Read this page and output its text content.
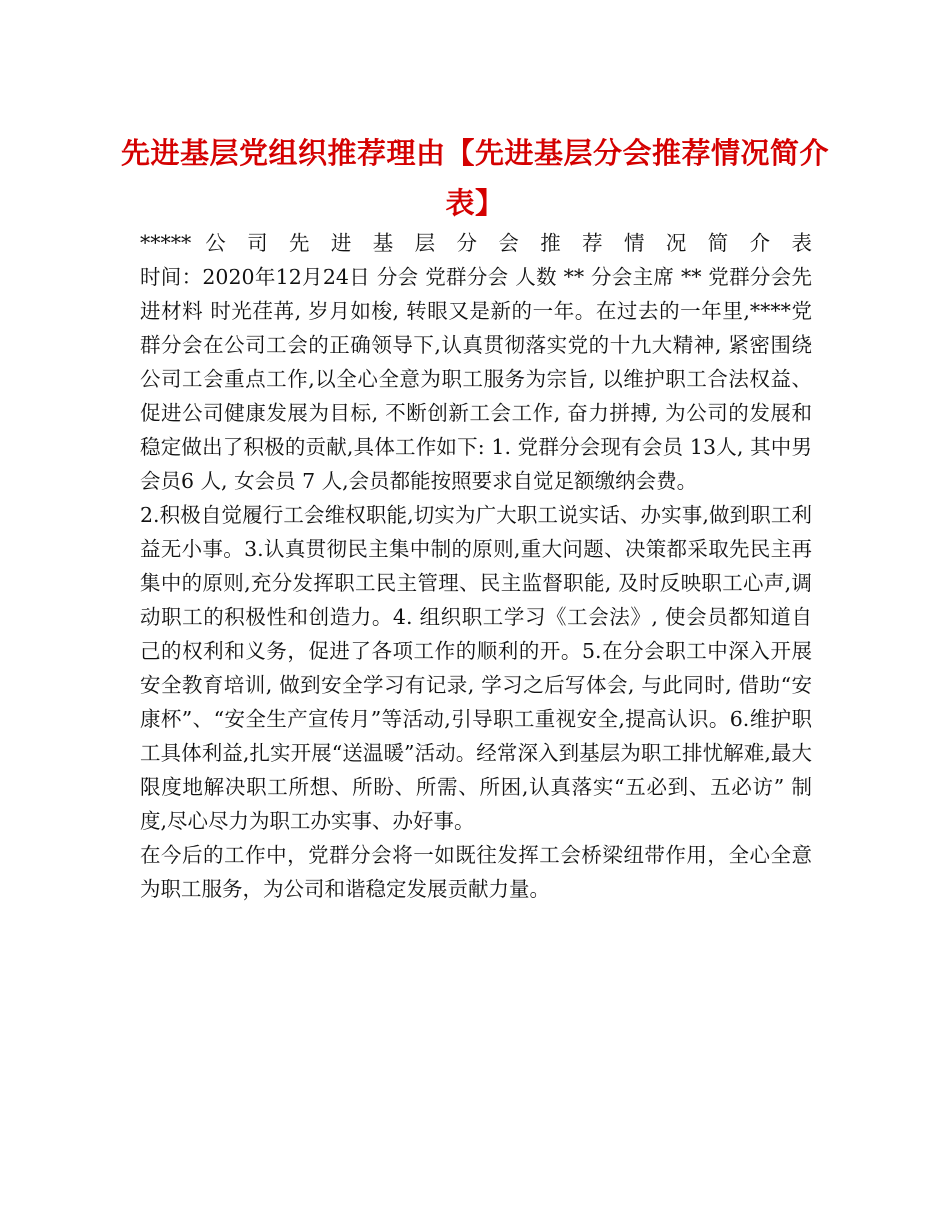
先进基层党组织推荐理由【先进基层分会推荐情况简介表】

***** 公 司 先 进 基 层 分 会 推 荐 情 况 简 介 表

时间：2020年12月24日 分会 党群分会 人数 ** 分会主席 ** 党群分会先进材料 时光荏苒, 岁月如梭, 转眼又是新的一年。在过去的一年里,****党群分会在公司工会的正确领导下,认真贯彻落实党的十九大精神, 紧密围绕公司工会重点工作,以全心全意为职工服务为宗旨, 以维护职工合法权益、促进公司健康发展为目标, 不断创新工会工作, 奋力拼搏, 为公司的发展和稳定做出了积极的贡献,具体工作如下: 1. 党群分会现有会员 13人, 其中男会员6 人, 女会员 7 人,会员都能按照要求自觉足额缴纳会费。

2.积极自觉履行工会维权职能,切实为广大职工说实话、办实事,做到职工利益无小事。3.认真贯彻民主集中制的原则,重大问题、决策都采取先民主再集中的原则,充分发挥职工民主管理、民主监督职能, 及时反映职工心声,调动职工的积极性和创造力。4. 组织职工学习《工会法》, 使会员都知道自己的权利和义务，促进了各项工作的顺利的开。5.在分会职工中深入开展安全教育培训, 做到安全学习有记录, 学习之后写体会, 与此同时, 借助“安康杯”、“安全生产宣传月”等活动,引导职工重视安全,提高认识。6.维护职工具体利益,扎实开展“送温暖”活动。经常深入到基层为职工排忧解难,最大限度地解决职工所想、所盼、所需、所困,认真落实“五必到、五必访” 制度,尽心尽力为职工办实事、办好事。

在今后的工作中，党群分会将一如既往发挥工会桥梁纽带作用，全心全意为职工服务，为公司和谐稳定发展贡献力量。
